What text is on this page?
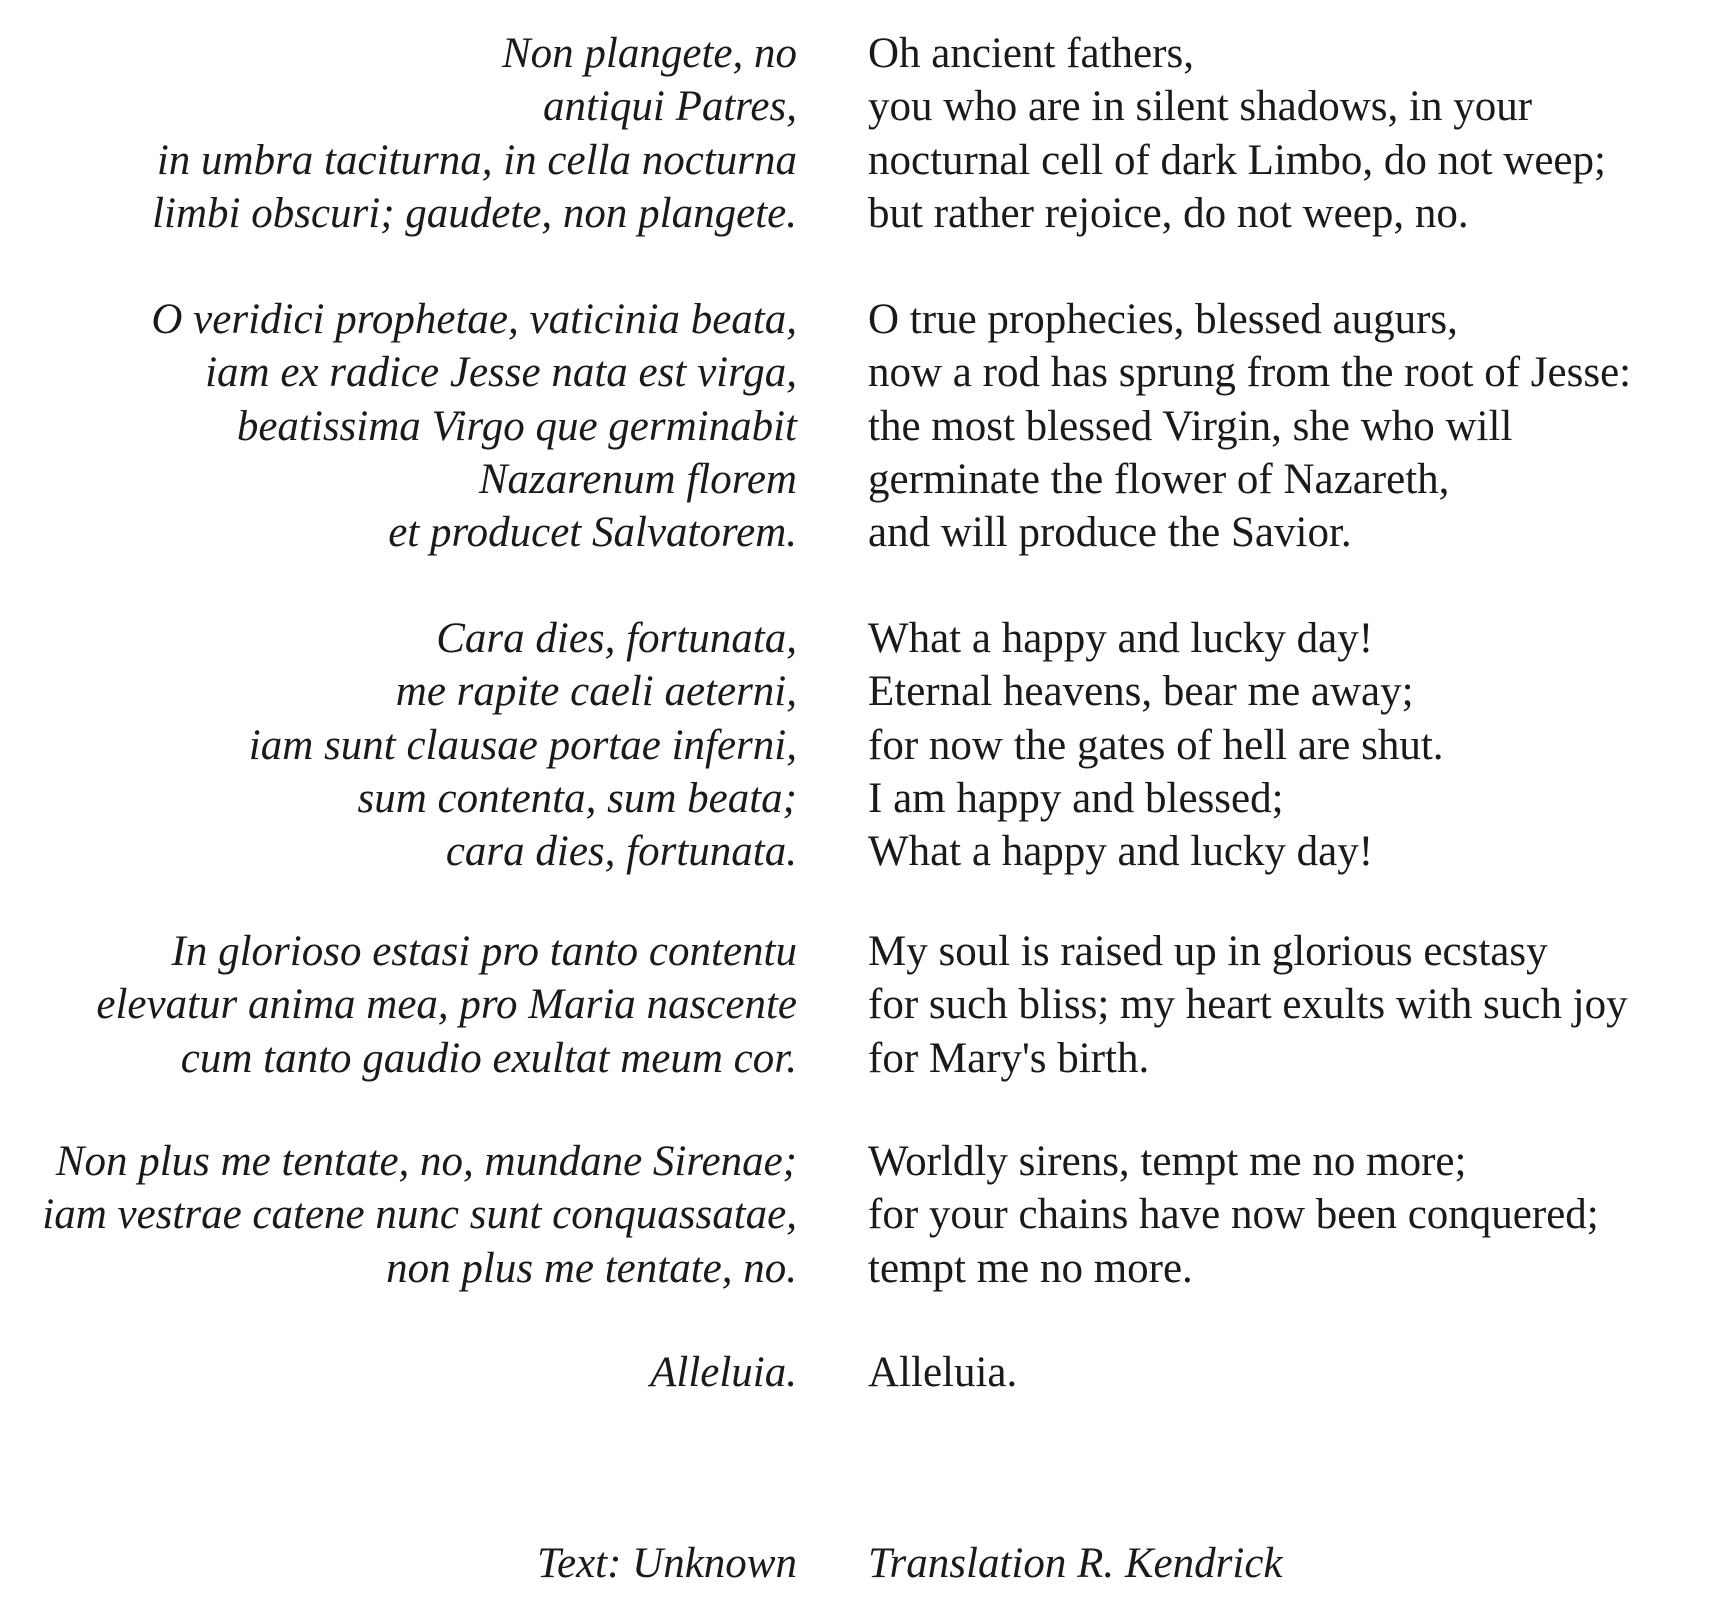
Non plangete, no
antiqui Patres,
in umbra taciturna, in cella nocturna
limbi obscuri; gaudete, non plangete.
Oh ancient fathers,
you who are in silent shadows, in your
nocturnal cell of dark Limbo, do not weep;
but rather rejoice, do not weep, no.
O veridici prophetae, vaticinia beata,
iam ex radice Jesse nata est virga,
beatissima Virgo que germinabit
Nazarenum florem
et producet Salvatorem.
O true prophecies, blessed augurs,
now a rod has sprung from the root of Jesse:
the most blessed Virgin, she who will
germinate the flower of Nazareth,
and will produce the Savior.
Cara dies, fortunata,
me rapite caeli aeterni,
iam sunt clausae portae inferni,
sum contenta, sum beata;
cara dies, fortunata.
What a happy and lucky day!
Eternal heavens, bear me away;
for now the gates of hell are shut.
I am happy and blessed;
What a happy and lucky day!
In glorioso estasi pro tanto contentu
elevatur anima mea, pro Maria nascente
cum tanto gaudio exultat meum cor.
My soul is raised up in glorious ecstasy
for such bliss; my heart exults with such joy
for Mary's birth.
Non plus me tentate, no, mundane Sirenae;
iam vestrae catene nunc sunt conquassatae,
non plus me tentate, no.
Worldly sirens, tempt me no more;
for your chains have now been conquered;
tempt me no more.
Alleluia. Alleluia.
Text: Unknown Translation R. Kendrick
